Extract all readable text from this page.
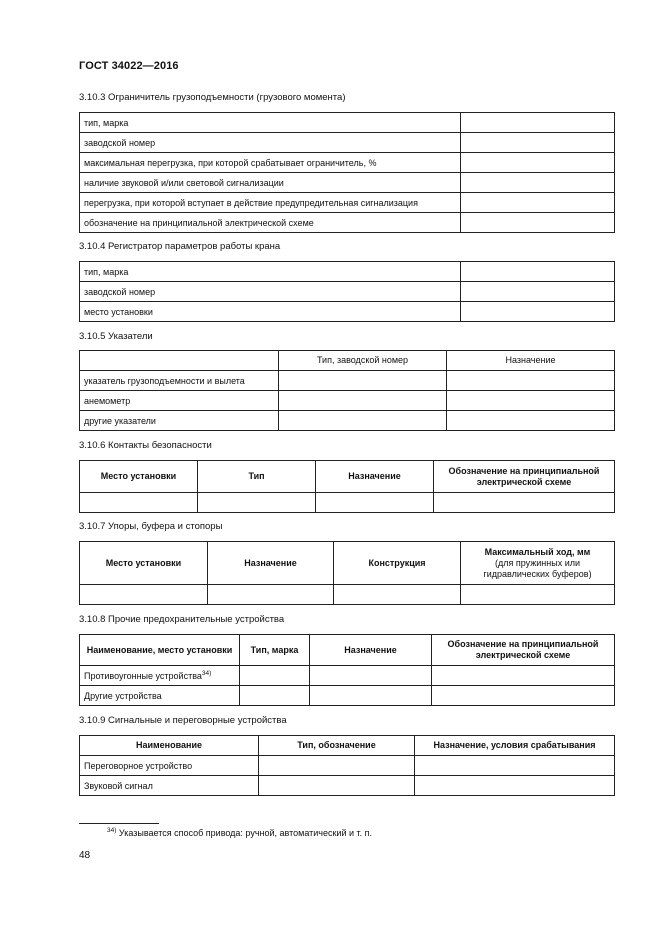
ГОСТ 34022—2016
3.10.3 Ограничитель грузоподъемности (грузового момента)
тип, марка	
заводской номер	
максимальная перегрузка, при которой срабатывает ограничитель, %	
наличие звуковой и/или световой сигнализации	
перегрузка, при которой вступает в действие предупредительная сигнализация	
обозначение на принципиальной электрической схеме	
3.10.4 Регистратор параметров работы крана
тип, марка	
заводской номер	
место установки	
3.10.5 Указатели
	Тип, заводской номер	Назначение
указатель грузоподъемности и вылета		
анемометр		
другие указатели		
3.10.6 Контакты безопасности
Место установки	Тип	Назначение	Обозначение на принципиальной электрической схеме

3.10.7 Упоры, буфера и стопоры
Место установки	Назначение	Конструкция	Максимальный ход, мм
(для пружинных или гидравлических буферов)

3.10.8 Прочие предохранительные устройства
Наименование, место установки	Тип, марка	Назначение	Обозначение на принципиальной электрической схеме
Противоугонные устройства$^{34)}$			
Другие устройства			
3.10.9 Сигнальные и переговорные устройства
Наименование	Тип, обозначение	Назначение, условия срабатывания
Переговорное устройство		
Звуковой сигнал		
$^{34)}$ Указывается способ привода: ручной, автоматический и т. п.
48
